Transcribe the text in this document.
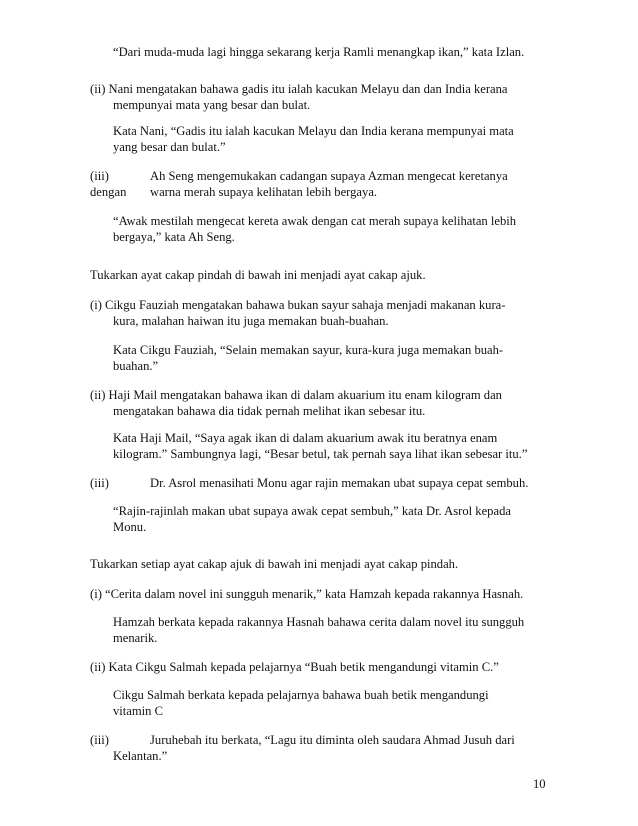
“Dari muda-muda lagi hingga sekarang kerja Ramli menangkap ikan,” kata Izlan.
(ii) Nani mengatakan bahawa gadis itu ialah kacukan Melayu dan dan India kerana
mempunyai mata yang besar dan bulat.
Kata Nani, “Gadis itu ialah kacukan Melayu dan India kerana mempunyai mata
yang besar dan bulat.”
(iii)	Ah Seng mengemukakan cadangan supaya Azman mengecat keretanya
dengan warna merah supaya kelihatan lebih bergaya.
“Awak mestilah mengecat kereta awak dengan cat merah supaya kelihatan lebih
bergaya,” kata Ah Seng.
Tukarkan ayat cakap pindah di bawah ini menjadi ayat cakap ajuk.
(i) Cikgu Fauziah mengatakan bahawa bukan sayur sahaja menjadi makanan kura-
kura, malahan haiwan itu juga memakan buah-buahan.
Kata Cikgu Fauziah, “Selain memakan sayur, kura-kura juga memakan buah-
buahan.”
(ii) Haji Mail mengatakan bahawa ikan di dalam akuarium itu enam kilogram dan
mengatakan bahawa dia tidak pernah melihat ikan sebesar itu.
Kata Haji Mail, “Saya agak ikan di dalam akuarium awak itu beratnya enam
kilogram.” Sambungnya lagi, “Besar betul, tak pernah saya lihat ikan sebesar itu.”
(iii)	Dr. Asrol menasihati Monu agar rajin memakan ubat supaya cepat sembuh.
“Rajin-rajinlah makan ubat supaya awak cepat sembuh,” kata Dr. Asrol kepada
Monu.
Tukarkan setiap ayat cakap ajuk di bawah ini menjadi ayat cakap pindah.
(i) “Cerita dalam novel ini sungguh menarik,” kata Hamzah kepada rakannya Hasnah.
Hamzah berkata kepada rakannya Hasnah bahawa cerita dalam novel itu sungguh
menarik.
(ii) Kata Cikgu Salmah kepada pelajarnya “Buah betik mengandungi vitamin C.”
Cikgu Salmah berkata kepada pelajarnya bahawa buah betik mengandungi
vitamin C
(iii)	Juruhebah itu berkata, “Lagu itu diminta oleh saudara Ahmad Jusuh dari
Kelantan.”
10
